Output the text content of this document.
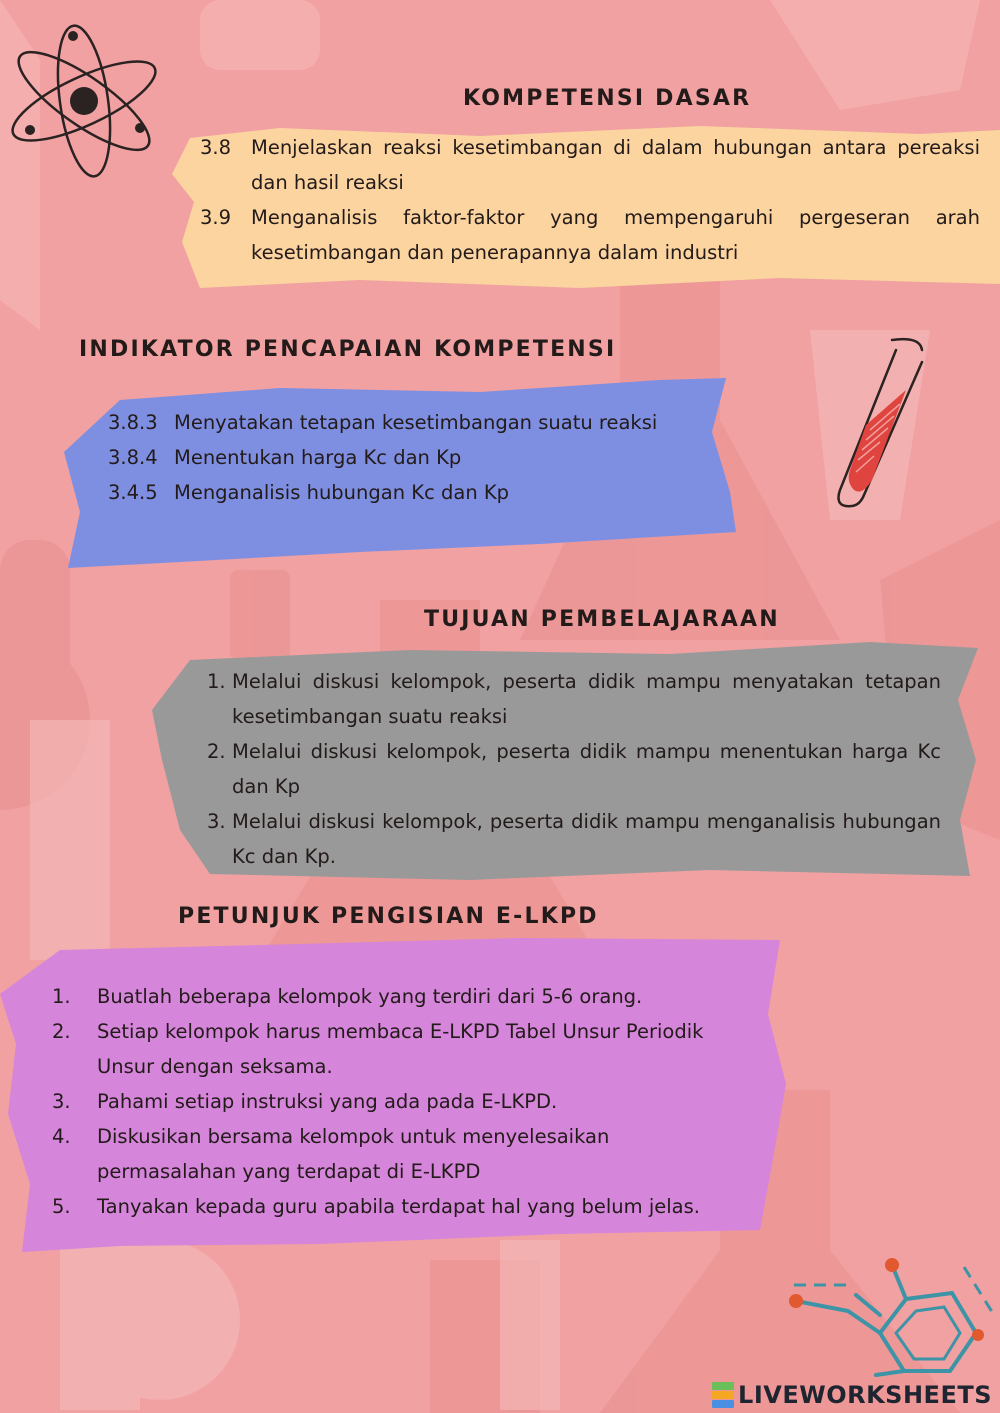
KOMPETENSI DASAR
3.8 Menjelaskan reaksi kesetimbangan di dalam hubungan antara pereaksi dan hasil reaksi
3.9 Menganalisis faktor-faktor yang mempengaruhi pergeseran arah kesetimbangan dan penerapannya dalam industri
INDIKATOR PENCAPAIAN KOMPETENSI
3.8.3 Menyatakan tetapan kesetimbangan suatu reaksi
3.8.4 Menentukan harga Kc dan Kp
3.4.5 Menganalisis hubungan Kc dan Kp
TUJUAN PEMBELAJARAAN
1. Melalui diskusi kelompok, peserta didik mampu menyatakan tetapan kesetimbangan suatu reaksi
2. Melalui diskusi kelompok, peserta didik mampu menentukan harga Kc dan Kp
3. Melalui diskusi kelompok, peserta didik mampu menganalisis hubungan Kc dan Kp.
PETUNJUK PENGISIAN E-LKPD
1. Buatlah beberapa kelompok yang terdiri dari 5-6 orang.
2. Setiap kelompok harus membaca E-LKPD Tabel Unsur Periodik Unsur dengan seksama.
3. Pahami setiap instruksi yang ada pada E-LKPD.
4. Diskusikan bersama kelompok untuk menyelesaikan permasalahan yang terdapat di E-LKPD
5. Tanyakan kepada guru apabila terdapat hal yang belum jelas.
LIVEWORKSHEETS
